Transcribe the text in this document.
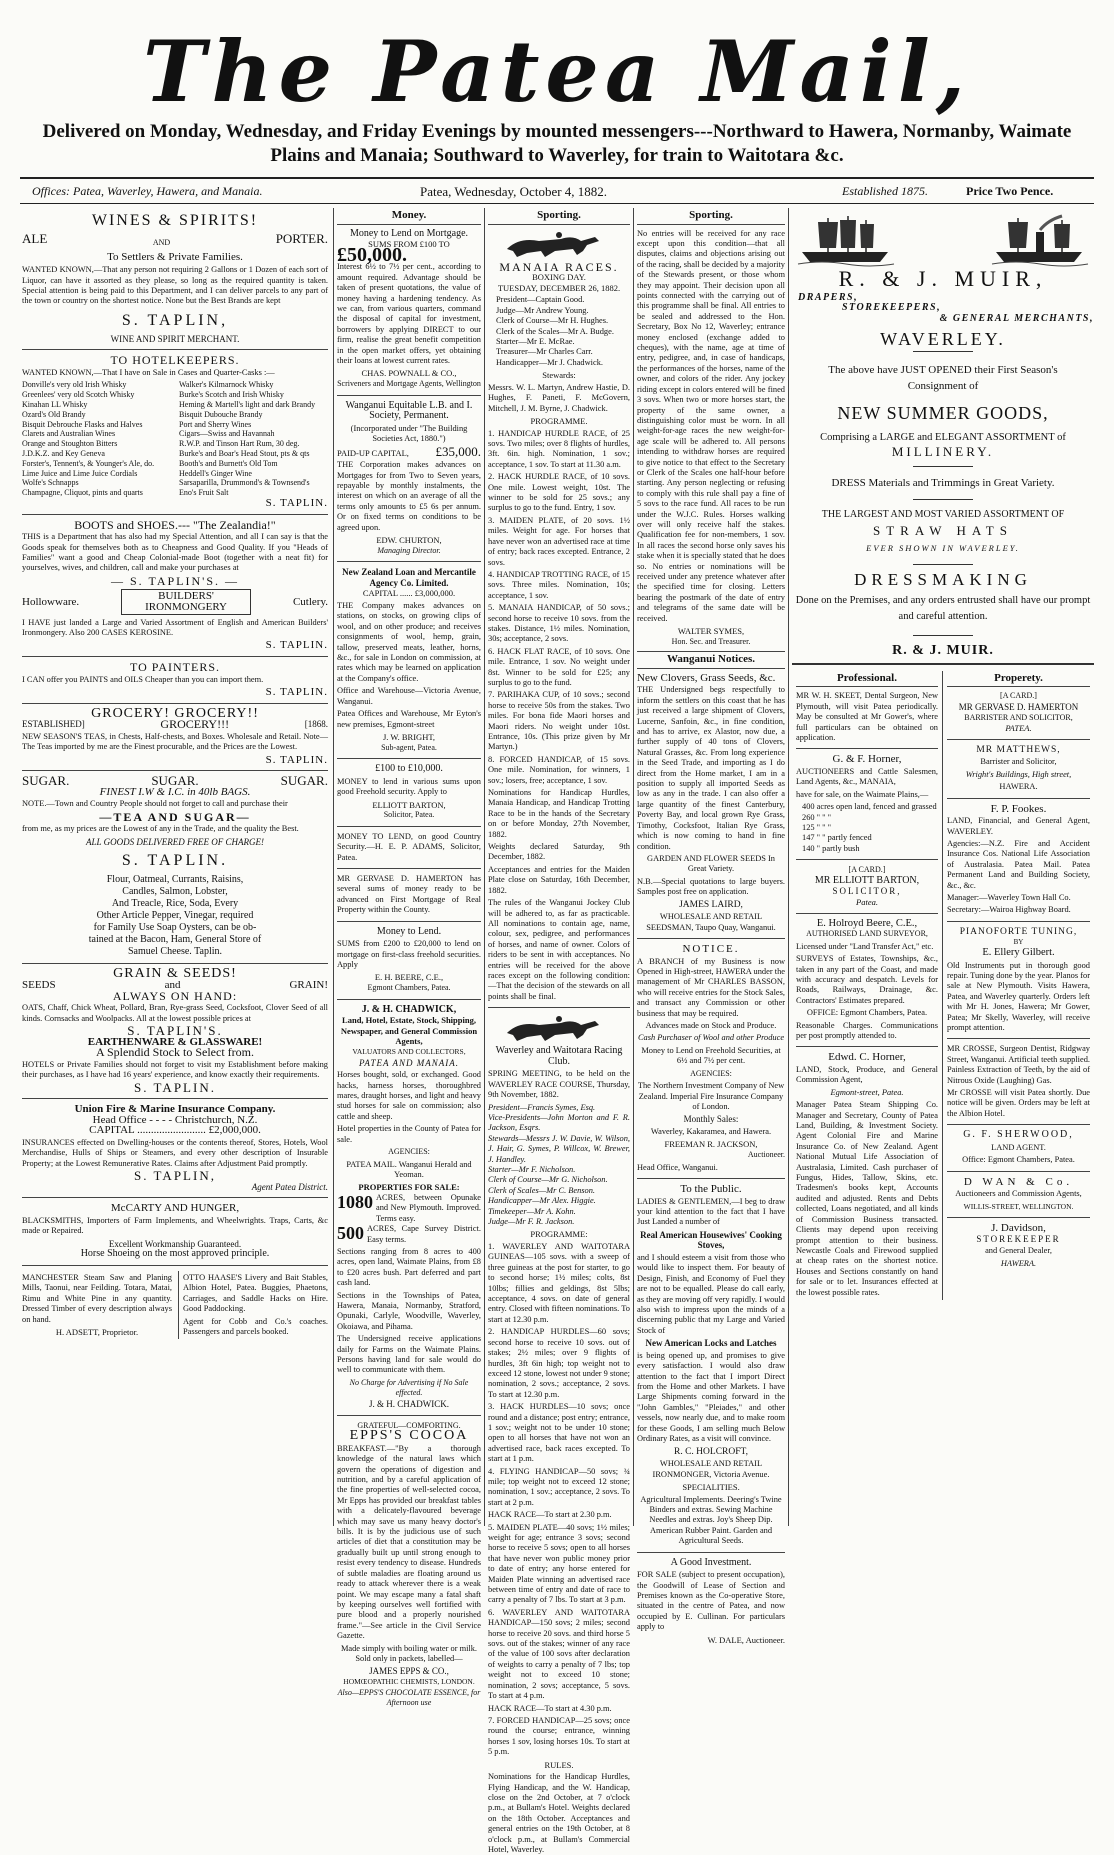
The Patea Mail,
Delivered on Monday, Wednesday, and Friday Evenings by mounted messengers---Northward to Hawera, Normanby, Waimate Plains and Manaia; Southward to Waverley, for train to Waitotara &c.
Offices: Patea, Waverley, Hawera, and Manaia.	Patea, Wednesday, October 4, 1882.	Established 1875.	Price Two Pence.
WINES & SPIRITS!
ALE	AND	PORTER.
To Settlers & Private Families.
WANTED KNOWN,—That any person not requiring 2 Gallons or 1 Dozen of each sort of Liquor, can have it assorted as they please, so long as the required quantity is taken. Special attention is being paid to this Department, and I can deliver parcels to any part of the town or country on the shortest notice. None but the Best Brands are kept
S. TAPLIN,
WINE AND SPIRIT MERCHANT.
TO HOTELKEEPERS.
WANTED KNOWN,—That I have on Sale in Cases and Quarter-Casks :—
Donville's very old Irish Whisky	Walker's Kilmarnock Whisky
Greenlees' very old Scotch Whisky	Burke's Scotch and Irish Whisky
Kinahan LL Whisky	Heming & Martell's light and dark Brandy
Ozard's Old Brandy	Bisquit Dubouche Brandy
Bisquit Debrouche Flasks and Halves	Port and Sherry Wines
Clarets and Australian Wines	Cigars—Swiss and Havannah
Orange and Stoughton Bitters	R.W.P. and Tinson Hart Rum, 30 deg.
J.D.K.Z. and Key Geneva	Burke's and Boar's Head Stout, pts & qts
Forster's, Tennent's, & Younger's Ale, do.	Booth's and Burnett's Old Tom
Lime Juice and Lime Juice Cordials	Heddell's Ginger Wine
Wolfe's Schnapps	Sarsaparilla, Drummond's & Townsend's
Champagne, Cliquot, pints and quarts	Eno's Fruit Salt
S. TAPLIN.
BOOTS and SHOES.--- "The Zealandia!"
THIS is a Department that has also had my Special Attention, and all I can say is that the Goods speak for themselves both as to Cheapness and Good Quality. If you "Heads of Families" want a good and Cheap Colonial-made Boot (together with a neat fit) for yourselves, wives, and children, call and make your purchases at
— S. TAPLIN'S. —
Hollowware.	BUILDERS' IRONMONGERY	Cutlery.
I HAVE just landed a Large and Varied Assortment of English and American Builders' Ironmongery. Also 200 CASES KEROSINE.
S. TAPLIN.
TO PAINTERS.
I CAN offer you PAINTS and OILS Cheaper than you can import them.
S. TAPLIN.
GROCERY! GROCERY!!
ESTABLISHED]	GROCERY!!!	[1868.
NEW SEASON'S TEAS, in Chests, Half-chests, and Boxes. Wholesale and Retail. Note—The Teas imported by me are the Finest procurable, and the Prices are the Lowest.
S. TAPLIN.
SUGAR.	SUGAR.	SUGAR.
FINEST I.W & I.C. in 40lb BAGS.
NOTE.—Town and Country People should not forget to call and purchase their
—TEA AND SUGAR—
from me, as my prices are the Lowest of any in the Trade, and the quality the Best.
ALL GOODS DELIVERED FREE OF CHARGE!
S. TAPLIN.
Flour, Oatmeal, Currants, Raisins,
Candles, Salmon, Lobster,
And Treacle, Rice, Soda, Every
Other Article Pepper, Vinegar, required
for Family Use Soap Oysters, can be ob-
tained at the Bacon, Ham, General Store of
Samuel Cheese. Taplin.
GRAIN & SEEDS!
SEEDS	and	GRAIN!
ALWAYS ON HAND:
OATS, Chaff, Chick Wheat, Pollard, Bran, Rye-grass Seed, Cocksfoot, Clover Seed of all kinds. Cornsacks and Woolpacks. All at the lowest possible prices at
S. TAPLIN'S.
EARTHENWARE & GLASSWARE!
A Splendid Stock to Select from.
HOTELS or Private Families should not forget to visit my Establishment before making their purchases, as I have had 16 years' experience, and know exactly their requirements.
S. TAPLIN.
Union Fire & Marine Insurance Company.
Head Office - - - - Christchurch, N.Z.
CAPITAL ......................... £2,000,000.
INSURANCES effected on Dwelling-houses or the contents thereof, Stores, Hotels, Wool Merchandise, Hulls of Ships or Steamers, and every other description of Insurable Property; at the Lowest Remunerative Rates. Claims after Adjustment Paid promptly.
S. TAPLIN,
Agent Patea District.
McCARTY AND HUNGER,
BLACKSMITHS, Importers of Farm Implements, and Wheelwrights. Traps, Carts, &c made or Repaired.
Excellent Workmanship Guaranteed.
Horse Shoeing on the most approved principle.
MANCHESTER Steam Saw and Planing Mills, Taonui, near Feilding. Totara, Matai, Rimu and White Pine in any quantity. Dressed Timber of every description always on hand.
H. ADSETT, Proprietor.
OTTO HAASE'S Livery and Bait Stables, Albion Hotel, Patea. Buggies, Phaetons, Carriages, and Saddle Hacks on Hire. Good Paddocking.
Agent for Cobb and Co.'s coaches. Passengers and parcels booked.
Money.
Money to Lend on Mortgage.
SUMS FROM £100 TO
£50,000.
Interest 6½ to 7½ per cent., according to amount required. Advantage should be taken of present quotations, the value of money having a hardening tendency. As we can, from various quarters, command the disposal of capital for investment, borrowers by applying DIRECT to our firm, realise the great benefit competition in the open market offers, yet obtaining their loans at lowest current rates.
CHAS. POWNALL & CO.,
Scriveners and Mortgage Agents, Wellington
Wanganui Equitable L.B. and I. Society, Permanent.
(Incorporated under "The Building Societies Act, 1880.")
PAID-UP CAPITAL, £35,000.
THE Corporation makes advances on Mortgages for from Two to Seven years, repayable by monthly instalments, the interest on which on an average of all the terms only amounts to £5 6s per annum. Or on fixed terms on conditions to be agreed upon.
EDW. CHURTON,
Managing Director.
New Zealand Loan and Mercantile Agency Co. Limited.
CAPITAL ...... £3,000,000.
THE Company makes advances on stations, on stocks, on growing clips of wool, and on other produce; and receives consignments of wool, hemp, grain, tallow, preserved meats, leather, horns, &c., for sale in London on commission, at rates which may be learned on application at the Company's office.
Office and Warehouse—Victoria Avenue, Wanganui.
Patea Offices and Warehouse, Mr Eyton's new premises, Egmont-street
J. W. BRIGHT,
Sub-agent, Patea.
£100 to £10,000.
MONEY to lend in various sums upon good Freehold security. Apply to
ELLIOTT BARTON,
Solicitor, Patea.
MONEY TO LEND, on good Country Security.—H. E. P. ADAMS, Solicitor, Patea.
MR GERVASE D. HAMERTON has several sums of money ready to be advanced on First Mortgage of Real Property within the County.
Money to Lend.
SUMS from £200 to £20,000 to lend on mortgage on first-class freehold securities. Apply
E. H. BEERE, C.E.,
Egmont Chambers, Patea.
J. & H. CHADWICK,
Land, Hotel, Estate, Stock, Shipping, Newspaper, and General Commission Agents,
VALUATORS AND COLLECTORS,
PATEA AND MANAIA.
Horses bought, sold, or exchanged. Good hacks, harness horses, thoroughbred mares, draught horses, and light and heavy stud horses for sale on commission; also cattle and sheep.
Hotel properties in the County of Patea for sale.
AGENCIES:
PATEA MAIL. Wanganui Herald and Yeoman.
PROPERTIES FOR SALE:
1080 ACRES, between Opunake and New Plymouth. Improved. Terms easy.
500 ACRES, Cape Survey District. Easy terms.
Sections ranging from 8 acres to 400 acres, open land, Waimate Plains, from £8 to £20 acres bush. Part deferred and part cash land.
Sections in the Townships of Patea, Hawera, Manaia, Normanby, Stratford, Opunaki, Carlyle, Woodville, Waverley, Okoiawa, and Pihama.
The Undersigned receive applications daily for Farms on the Waimate Plains. Persons having land for sale would do well to communicate with them.
No Charge for Advertising if No Sale effected.
J. & H. CHADWICK.
GRATEFUL—COMFORTING.
EPPS'S COCOA
BREAKFAST.—"By a thorough knowledge of the natural laws which govern the operations of digestion and nutrition, and by a careful application of the fine properties of well-selected cocoa, Mr Epps has provided our breakfast tables with a delicately-flavoured beverage which may save us many heavy doctor's bills. It is by the judicious use of such articles of diet that a constitution may be gradually built up until strong enough to resist every tendency to disease. Hundreds of subtle maladies are floating around us ready to attack wherever there is a weak point. We may escape many a fatal shaft by keeping ourselves well fortified with pure blood and a properly nourished frame."—See article in the Civil Service Gazette.
Made simply with boiling water or milk. Sold only in packets, labelled—
JAMES EPPS & CO.,
HOMŒOPATHIC CHEMISTS, LONDON.
Also—EPPS'S CHOCOLATE ESSENCE, for Afternoon use
Sporting.
MANAIA RACES.
BOXING DAY.
TUESDAY, DECEMBER 26, 1882.
President—Captain Good.
Judge—Mr Andrew Young.
Clerk of Course—Mr H. Hughes.
Clerk of the Scales—Mr A. Budge.
Starter—Mr E. McRae.
Treasurer—Mr Charles Carr.
Handicapper—Mr J. Chadwick.
Stewards:
Messrs. W. L. Martyn, Andrew Hastie, D. Hughes, F. Paneti, F. McGovern, Mitchell, J. M. Byrne, J. Chadwick.
PROGRAMME.
1. HANDICAP HURDLE RACE, of 25 sovs. Two miles; over 8 flights of hurdles, 3ft. 6in. high. Nomination, 1 sov.; acceptance, 1 sov. To start at 11.30 a.m.
2. HACK HURDLE RACE, of 10 sovs. One mile. Lowest weight, 10st. The winner to be sold for 25 sovs.; any surplus to go to the fund. Entry, 1 sov.
3. MAIDEN PLATE, of 20 sovs. 1½ miles. Weight for age. For horses that have never won an advertised race at time of entry; back races excepted. Entrance, 2 sovs.
4. HANDICAP TROTTING RACE, of 15 sovs. Three miles. Nomination, 10s; acceptance, 1 sov.
5. MANAIA HANDICAP, of 50 sovs.; second horse to receive 10 sovs. from the stakes. Distance, 1½ miles. Nomination, 30s; acceptance, 2 sovs.
6. HACK FLAT RACE, of 10 sovs. One mile. Entrance, 1 sov. No weight under 8st. Winner to be sold for £25; any surplus to go to the fund.
7. PARIHAKA CUP, of 10 sovs.; second horse to receive 50s from the stakes. Two miles. For bona fide Maori horses and Maori riders. No weight under 10st. Entrance, 10s. (This prize given by Mr Martyn.)
8. FORCED HANDICAP, of 15 sovs. One mile. Nomination, for winners, 1 sov.; losers, free; acceptance, 1 sov.
Nominations for Handicap Hurdles, Manaia Handicap, and Handicap Trotting Race to be in the hands of the Secretary on or before Monday, 27th November, 1882.
Weights declared Saturday, 9th December, 1882.
Acceptances and entries for the Maiden Plate close on Saturday, 16th December, 1882.
The rules of the Wanganui Jockey Club will be adhered to, as far as practicable. All nominations to contain age, name, colour, sex, pedigree, and performances of horses, and name of owner. Colors of riders to be sent in with acceptances. No entries will be received for the above races except on the following condition:—That the decision of the stewards on all points shall be final.
Waverley and Waitotara Racing Club.
SPRING MEETING, to be held on the WAVERLEY RACE COURSE, Thursday, 9th November, 1882.
President—Francis Symes, Esq.
Vice-Presidents—John Morton and F. R. Jackson, Esqrs.
Stewards—Messrs J. W. Davie, W. Wilson, J. Hair, G. Symes, P. Willcox, W. Brewer, J. Handley.
Starter—Mr F. Nicholson.
Clerk of Course—Mr G. Nicholson.
Clerk of Scales—Mr C. Benson.
Handicapper—Mr Alex. Higgie.
Timekeeper—Mr A. Kohn.
Judge—Mr F. R. Jackson.
PROGRAMME:
1. WAVERLEY AND WAITOTARA GUINEAS—105 sovs. with a sweep of three guineas at the post for starter, to go to second horse; 1½ miles; colts, 8st 10lbs; fillies and geldings, 8st 5lbs; acceptance, 4 sovs. on date of general entry. Closed with fifteen nominations. To start at 12.30 p.m.
2. HANDICAP HURDLES—60 sovs; second horse to receive 10 sovs. out of stakes; 2½ miles; over 9 flights of hurdles, 3ft 6in high; top weight not to exceed 12 stone, lowest not under 9 stone; nomination, 2 sovs.; acceptance, 2 sovs. To start at 12.30 p.m.
3. HACK HURDLES—10 sovs; once round and a distance; post entry; entrance, 1 sov.; weight not to be under 10 stone; open to all horses that have not won an advertised race, back races excepted. To start at 1 p.m.
4. FLYING HANDICAP—50 sovs; ¾ mile; top weight not to exceed 12 stone; nomination, 1 sov.; acceptance, 2 sovs. To start at 2 p.m.
HACK RACE—To start at 2.30 p.m.
5. MAIDEN PLATE—40 sovs; 1½ miles; weight for age; entrance 3 sovs; second horse to receive 5 sovs; open to all horses that have never won public money prior to date of entry; any horse entered for Maiden Plate winning an advertised race between time of entry and date of race to carry a penalty of 7 lbs. To start at 3 p.m.
6. WAVERLEY AND WAITOTARA HANDICAP—150 sovs; 2 miles; second horse to receive 20 sovs. and third horse 5 sovs. out of the stakes; winner of any race of the value of 100 sovs after declaration of weights to carry a penalty of 7 lbs; top weight not to exceed 10 stone; nomination, 2 sovs; acceptance, 5 sovs. To start at 4 p.m.
HACK RACE—To start at 4.30 p.m.
7. FORCED HANDICAP—25 sovs; once round the course; entrance, winning horses 1 sov, losing horses 10s. To start at 5 p.m.
RULES.
Nominations for the Handicap Hurdles, Flying Handicap, and the W. Handicap, close on the 2nd October, at 7 o'clock p.m., at Bullam's Hotel. Weights declared on the 18th October. Acceptances and general entries on the 19th October, at 8 o'clock p.m., at Bullam's Commercial Hotel, Waverley.
Sporting.
No entries will be received for any race except upon this condition—that all disputes, claims and objections arising out of the racing, shall be decided by a majority of the Stewards present, or those whom they may appoint. Their decision upon all points connected with the carrying out of this programme shall be final. All entries to be sealed and addressed to the Hon. Secretary, Box No 12, Waverley; entrance money enclosed (exchange added to cheques), with the name, age at time of entry, pedigree, and, in case of handicaps, the performances of the horses, name of the owner, and colors of the rider. Any jockey riding except in colors entered will be fined 3 sovs. When two or more horses start, the property of the same owner, a distinguishing color must be worn. In all weight-for-age races the new weight-for-age scale will be adhered to. All persons intending to withdraw horses are required to give notice to that effect to the Secretary or Clerk of the Scales one half-hour before starting. Any person neglecting or refusing to comply with this rule shall pay a fine of 5 sovs to the race fund. All races to be run under the W.J.C. Rules. Horses walking over will only receive half the stakes. Qualification fee for non-members, 1 sov. In all races the second horse only saves his stake when it is specially stated that he does so. No entries or nominations will be received under any pretence whatever after the specified time for closing. Letters bearing the postmark of the date of entry and telegrams of the same date will be received.
WALTER SYMES,
Hon. Sec. and Treasurer.
Wanganui Notices.
New Clovers, Grass Seeds, &c.
THE Undersigned begs respectfully to inform the settlers on this coast that he has just received a large shipment of Clovers, Lucerne, Sanfoin, &c., in fine condition, and has to arrive, ex Alastor, now due, a further supply of 40 tons of Clovers, Natural Grasses, &c. From long experience in the Seed Trade, and importing as I do direct from the Home market, I am in a position to supply all imported Seeds as low as any in the trade. I can also offer a large quantity of the finest Canterbury, Poverty Bay, and local grown Rye Grass, Timothy, Cocksfoot, Italian Rye Grass, which is now coming to hand in fine condition.
GARDEN AND FLOWER SEEDS In Great Variety.
N.B.—Special quotations to large buyers. Samples post free on application.
JAMES LAIRD,
WHOLESALE AND RETAIL SEEDSMAN, Taupo Quay, Wanganui.
NOTICE.
A BRANCH of my Business is now Opened in High-street, HAWERA under the management of Mr CHARLES BASSON, who will receive entries for the Stock Sales, and transact any Commission or other business that may be required.
Advances made on Stock and Produce.
Cash Purchaser of Wool and other Produce
Money to Lend on Freehold Securities, at 6½ and 7½ per cent.
AGENCIES:
The Northern Investment Company of New Zealand. Imperial Fire Insurance Company of London.
Monthly Sales:
Waverley, Kakaramea, and Hawera.
FREEMAN R. JACKSON,
Auctioneer.
Head Office, Wanganui.
To the Public.
LADIES & GENTLEMEN,—I beg to draw your kind attention to the fact that I have Just Landed a number of
Real American Housewives' Cooking Stoves,
and I should esteem a visit from those who would like to inspect them. For beauty of Design, Finish, and Economy of Fuel they are not to be equalled. Please do call early, as they are moving off very rapidly. I would also wish to impress upon the minds of a discerning public that my Large and Varied Stock of
New American Locks and Latches
is being opened up, and promises to give every satisfaction. I would also draw attention to the fact that I import Direct from the Home and other Markets. I have Large Shipments coming forward in the "John Gambles," "Pleiades," and other vessels, now nearly due, and to make room for these Goods, I am selling much Below Ordinary Rates, as a visit will convince.
R. C. HOLCROFT,
WHOLESALE AND RETAIL IRONMONGER, Victoria Avenue.
SPECIALITIES.
Agricultural Implements. Deering's Twine Binders and extras. Sewing Machine Needles and extras. Joy's Sheep Dip. American Rubber Paint. Garden and Agricultural Seeds.
A Good Investment.
FOR SALE (subject to present occupation), the Goodwill of Lease of Section and Premises known as the Co-operative Store, situated in the centre of Patea, and now occupied by E. Cullinan. For particulars apply to
W. DALE, Auctioneer.
R. & J. MUIR,
DRAPERS,
STOREKEEPERS,
& GENERAL MERCHANTS,
WAVERLEY.
The above have JUST OPENED their First Season's Consignment of
NEW SUMMER GOODS,
Comprising a LARGE and ELEGANT ASSORTMENT of
MILLINERY.
DRESS Materials and Trimmings in Great Variety.
THE LARGEST AND MOST VARIED ASSORTMENT OF
STRAW HATS
EVER SHOWN IN WAVERLEY.
DRESSMAKING
Done on the Premises, and any orders entrusted shall have our prompt and careful attention.
R. & J. MUIR.
Professional.
MR W. H. SKEET, Dental Surgeon, New Plymouth, will visit Patea periodically. May be consulted at Mr Gower's, where full particulars can be obtained on application.
G. & F. Horner,
AUCTIONEERS and Cattle Salesmen, Land Agents, &c., MANAIA,
have for sale, on the Waimate Plains,—
400 acres open land, fenced and grassed
260 " " "
125 " " "
147 " " partly fenced
140 " partly bush
[A CARD.]
MR ELLIOTT BARTON,
SOLICITOR,
Patea.
E. Holroyd Beere, C.E.,
AUTHORISED LAND SURVEYOR,
Licensed under "Land Transfer Act," etc.
SURVEYS of Estates, Townships, &c., taken in any part of the Coast, and made with accuracy and despatch. Levels for Roads, Railways, Drainage, &c. Contractors' Estimates prepared.
OFFICE: Egmont Chambers, Patea.
Reasonable Charges. Communications per post promptly attended to.
Edwd. C. Horner,
LAND, Stock, Produce, and General Commission Agent,
Egmont-street, Patea.
Manager Patea Steam Shipping Co. Manager and Secretary, County of Patea Land, Building, & Investment Society. Agent Colonial Fire and Marine Insurance Co. of New Zealand. Agent National Mutual Life Association of Australasia, Limited. Cash purchaser of Fungus, Hides, Tallow, Skins, etc. Tradesmen's books kept, Accounts audited and adjusted. Rents and Debts collected, Loans negotiated, and all kinds of Commission Business transacted. Clients may depend upon receiving prompt attention to their business. Newcastle Coals and Firewood supplied at cheap rates on the shortest notice. Houses and Sections constantly on hand for sale or to let. Insurances effected at the lowest possible rates.
Properety.
[A CARD.]
MR GERVASE D. HAMERTON
BARRISTER AND SOLICITOR,
PATEA.
MR MATTHEWS,
Barrister and Solicitor,
Wright's Buildings, High street,
HAWERA.
F. P. Fookes.
LAND, Financial, and General Agent, WAVERLEY.
Agencies:—N.Z. Fire and Accident Insurance Cos. National Life Association of Australasia. Patea Mail. Patea Permanent Land and Building Society, &c., &c.
Manager:—Waverley Town Hall Co.
Secretary:—Wairoa Highway Board.
PIANOFORTE TUNING,
BY
E. Ellery Gilbert.
Old Instruments put in thorough good repair. Tuning done by the year. Planos for sale at New Plymouth. Visits Hawera, Patea, and Waverley quarterly. Orders left with Mr H. Jones, Hawera; Mr Gower, Patea; Mr Skelly, Waverley, will receive prompt attention.
MR CROSSE, Surgeon Dentist, Ridgway Street, Wanganui. Artificial teeth supplied. Painless Extraction of Teeth, by the aid of Nitrous Oxide (Laughing) Gas.
Mr CROSSE will visit Patea shortly. Due notice will be given. Orders may be left at the Albion Hotel.
G. F. SHERWOOD,
LAND AGENT.
Office: Egmont Chambers, Patea.
D WAN & Co.
Auctioneers and Commission Agents,
WILLIS-STREET, WELLINGTON.
J. Davidson,
STOREKEEPER
and General Dealer,
HAWERA.
